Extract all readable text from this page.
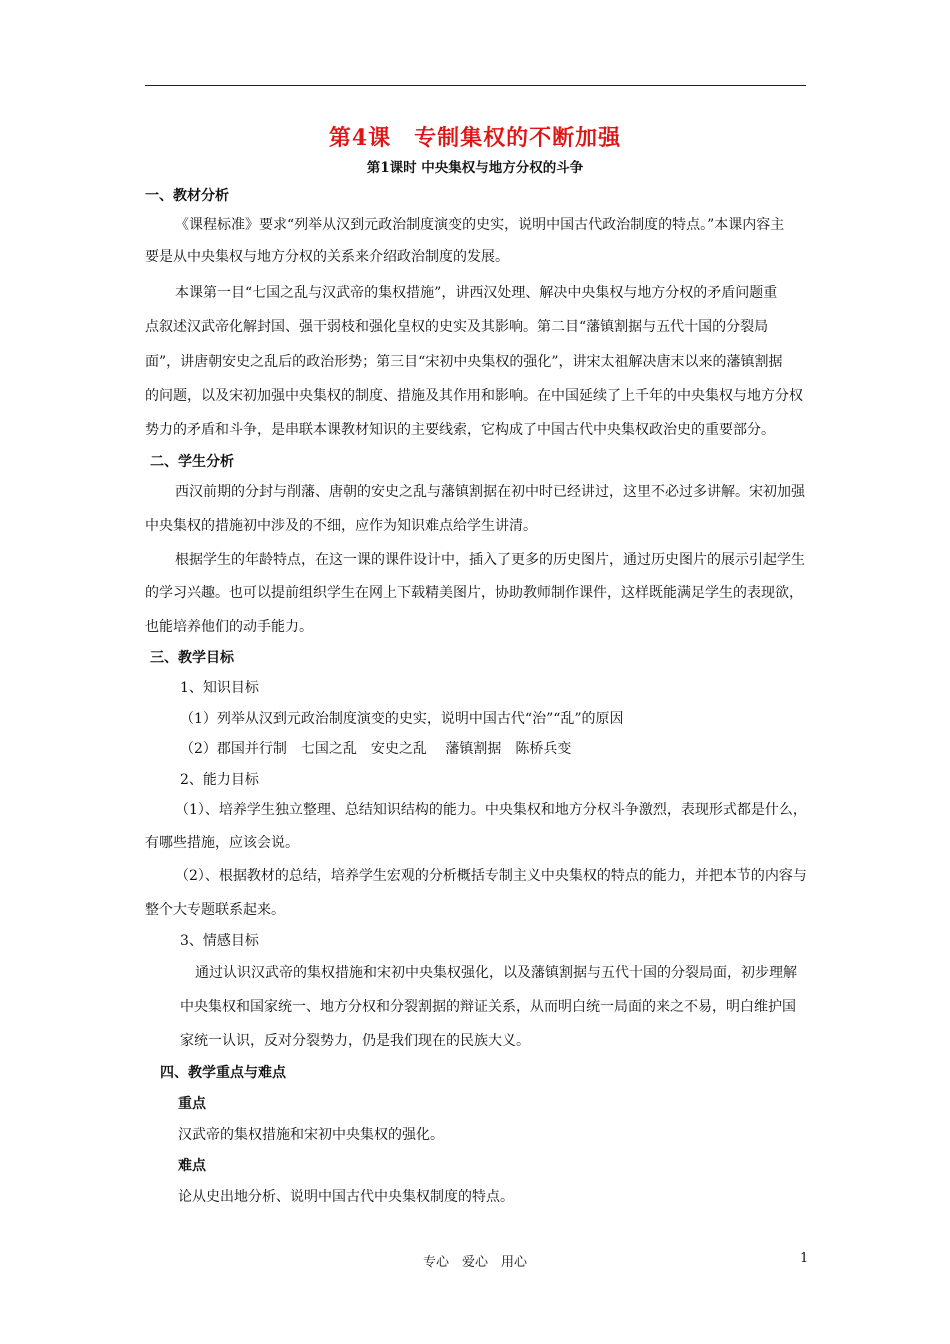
第4课　专制集权的不断加强
第1课时 中央集权与地方分权的斗争
一、教材分析
《课程标准》要求“列举从汉到元政治制度演变的史实，说明中国古代政治制度的特点。”本课内容主
要是从中央集权与地方分权的关系来介绍政治制度的发展。
本课第一目“七国之乱与汉武帝的集权措施”，讲西汉处理、解决中央集权与地方分权的矛盾问题重
点叙述汉武帝化解封国、强干弱枝和强化皇权的史实及其影响。第二目“藩镇割据与五代十国的分裂局
面”，讲唐朝安史之乱后的政治形势；第三目“宋初中央集权的强化”，讲宋太祖解决唐末以来的藩镇割据
的问题，以及宋初加强中央集权的制度、措施及其作用和影响。在中国延续了上千年的中央集权与地方分权
势力的矛盾和斗争，是串联本课教材知识的主要线索，它构成了中国古代中央集权政治史的重要部分。
二、学生分析
西汉前期的分封与削藩、唐朝的安史之乱与藩镇割据在初中时已经讲过，这里不必过多讲解。宋初加强
中央集权的措施初中涉及的不细，应作为知识难点给学生讲清。
根据学生的年龄特点，在这一课的课件设计中，插入了更多的历史图片，通过历史图片的展示引起学生
的学习兴趣。也可以提前组织学生在网上下载精美图片，协助教师制作课件，这样既能满足学生的表现欲，
也能培养他们的动手能力。
三、教学目标
1、知识目标
（1）列举从汉到元政治制度演变的史实，说明中国古代“治”“乱”的原因
（2）郡国并行制　七国之乱　安史之乱　 藩镇割据　陈桥兵变
2、能力目标
（1）、培养学生独立整理、总结知识结构的能力。中央集权和地方分权斗争激烈，表现形式都是什么，
有哪些措施，应该会说。
（2）、根据教材的总结，培养学生宏观的分析概括专制主义中央集权的特点的能力，并把本节的内容与
整个大专题联系起来。
3、情感目标
通过认识汉武帝的集权措施和宋初中央集权强化，以及藩镇割据与五代十国的分裂局面，初步理解
中央集权和国家统一、地方分权和分裂割据的辩证关系，从而明白统一局面的来之不易，明白维护国
家统一认识，反对分裂势力，仍是我们现在的民族大义。
四、教学重点与难点
重点
汉武帝的集权措施和宋初中央集权的强化。
难点
论从史出地分析、说明中国古代中央集权制度的特点。
专心　爱心　用心	1
